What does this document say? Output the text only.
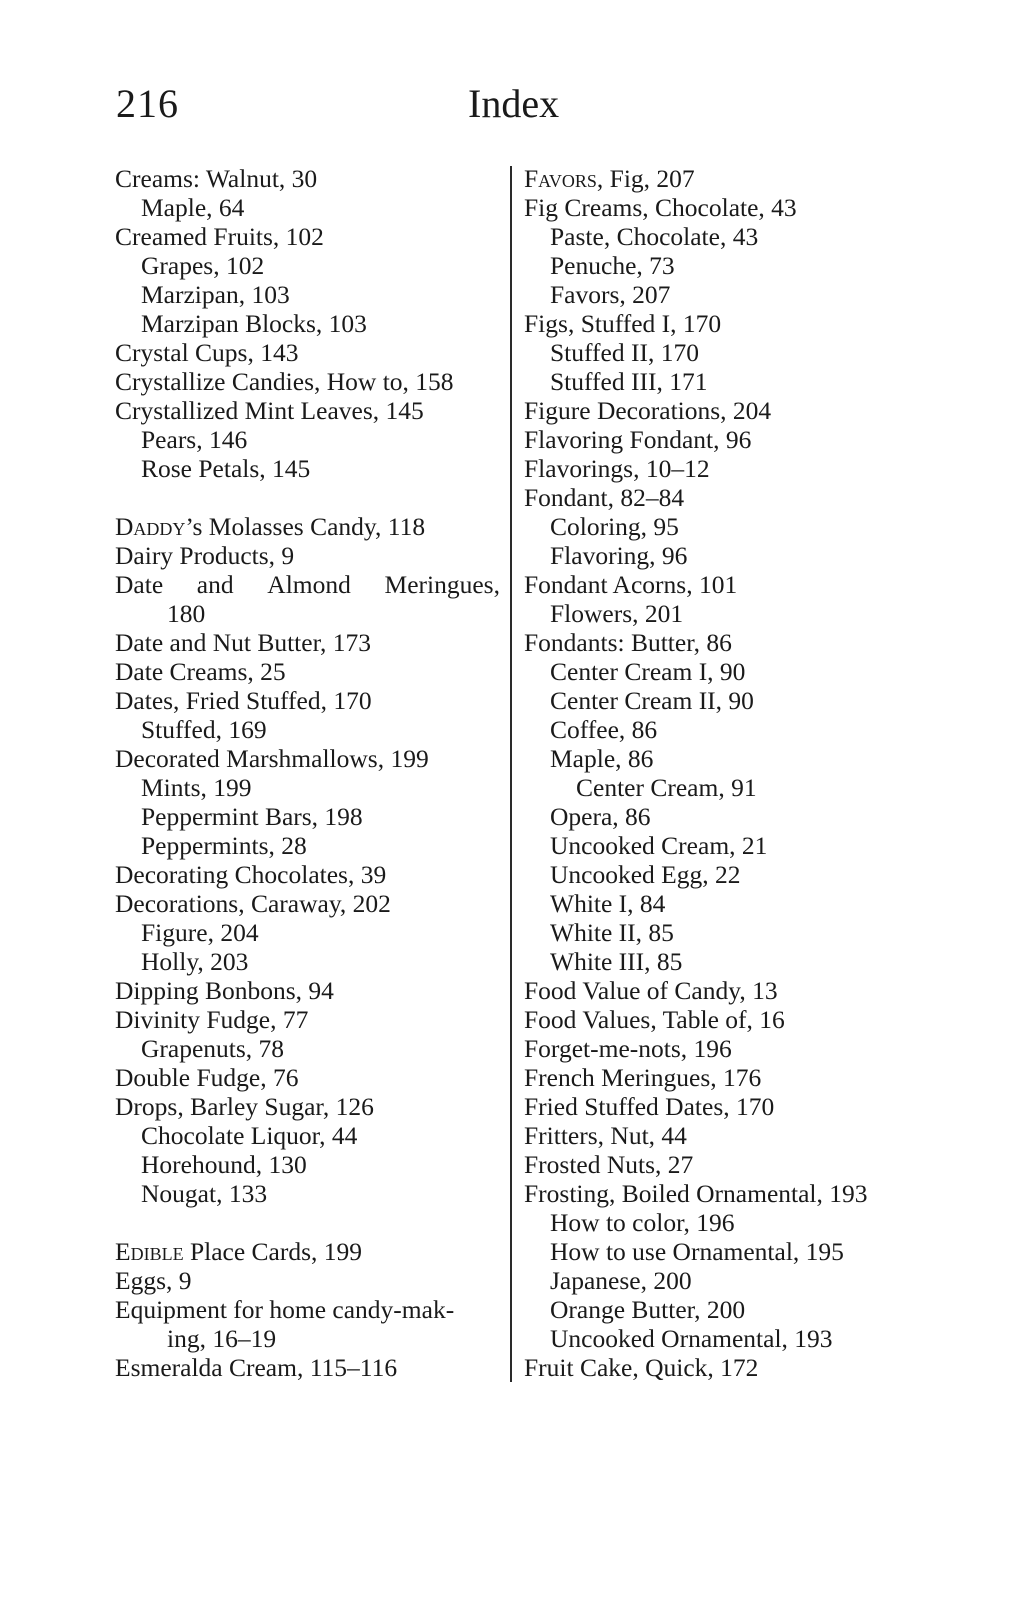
216	Index
Creams: Walnut, 30
Maple, 64
Creamed Fruits, 102
Grapes, 102
Marzipan, 103
Marzipan Blocks, 103
Crystal Cups, 143
Crystallize Candies, How to, 158
Crystallized Mint Leaves, 145
Pears, 146
Rose Petals, 145
Daddy’s Molasses Candy, 118
Dairy Products, 9
Date and Almond Meringues,
180
Date and Nut Butter, 173
Date Creams, 25
Dates, Fried Stuffed, 170
Stuffed, 169
Decorated Marshmallows, 199
Mints, 199
Peppermint Bars, 198
Peppermints, 28
Decorating Chocolates, 39
Decorations, Caraway, 202
Figure, 204
Holly, 203
Dipping Bonbons, 94
Divinity Fudge, 77
Grapenuts, 78
Double Fudge, 76
Drops, Barley Sugar, 126
Chocolate Liquor, 44
Horehound, 130
Nougat, 133
Edible Place Cards, 199
Eggs, 9
Equipment for home candy-mak-
ing, 16–19
Esmeralda Cream, 115–116
Favors, Fig, 207
Fig Creams, Chocolate, 43
Paste, Chocolate, 43
Penuche, 73
Favors, 207
Figs, Stuffed I, 170
Stuffed II, 170
Stuffed III, 171
Figure Decorations, 204
Flavoring Fondant, 96
Flavorings, 10–12
Fondant, 82–84
Coloring, 95
Flavoring, 96
Fondant Acorns, 101
Flowers, 201
Fondants: Butter, 86
Center Cream I, 90
Center Cream II, 90
Coffee, 86
Maple, 86
Center Cream, 91
Opera, 86
Uncooked Cream, 21
Uncooked Egg, 22
White I, 84
White II, 85
White III, 85
Food Value of Candy, 13
Food Values, Table of, 16
Forget-me-nots, 196
French Meringues, 176
Fried Stuffed Dates, 170
Fritters, Nut, 44
Frosted Nuts, 27
Frosting, Boiled Ornamental, 193
How to color, 196
How to use Ornamental, 195
Japanese, 200
Orange Butter, 200
Uncooked Ornamental, 193
Fruit Cake, Quick, 172
